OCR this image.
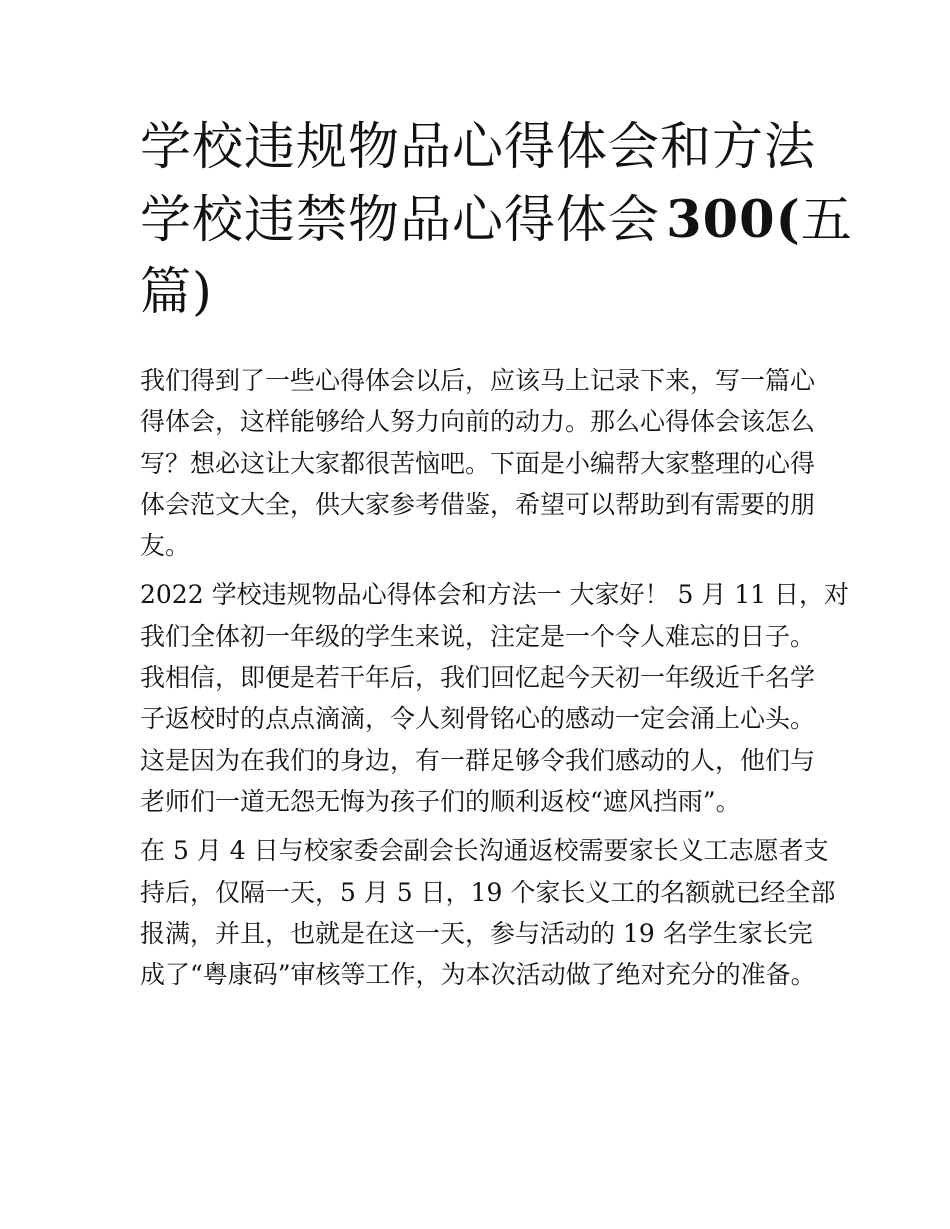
学校违规物品心得体会和方法
学校违禁物品心得体会  300(五
篇)

我们得到了一些心得体会以后，应该马上记录下来，写一篇心
得体会，这样能够给人努力向前的动力。那么心得体会该怎么
写？想必这让大家都很苦恼吧。下面是小编帮大家整理的心得
体会范文大全，供大家参考借鉴，希望可以帮助到有需要的朋
友。

2022 学校违规物品心得体会和方法一 大家好！ 5 月 11 日，对
我们全体初一年级的学生来说，注定是一个令人难忘的日子。
我相信，即便是若干年后，我们回忆起今天初一年级近千名学
子返校时的点点滴滴，令人刻骨铭心的感动一定会涌上心头。
这是因为在我们的身边，有一群足够令我们感动的人，他们与
老师们一道无怨无悔为孩子们的顺利返校“遮风挡雨”。

在 5 月 4 日与校家委会副会长沟通返校需要家长义工志愿者支
持后，仅隔一天，5 月 5 日，19 个家长义工的名额就已经全部
报满，并且，也就是在这一天，参与活动的 19 名学生家长完
成了“粤康码”审核等工作，为本次活动做了绝对充分的准备。
